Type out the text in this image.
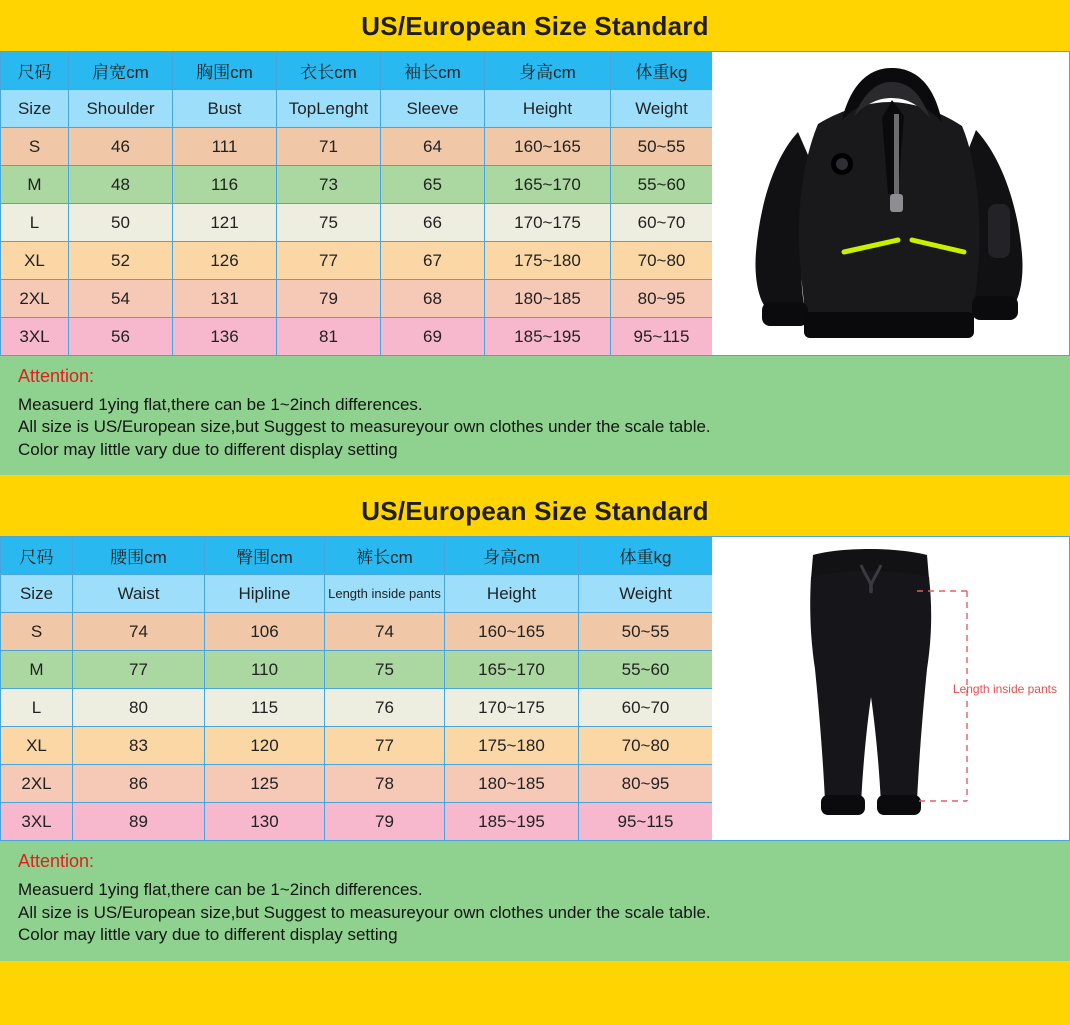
US/European Size Standard
尺码	肩宽cm	胸围cm	衣长cm	袖长cm	身高cm	体重kg
Size	Shoulder	Bust	TopLenght	Sleeve	Height	Weight
S	46	111	71	64	160~165	50~55
M	48	116	73	65	165~170	55~60
L	50	121	75	66	170~175	60~70
XL	52	126	77	67	175~180	70~80
2XL	54	131	79	68	180~185	80~95
3XL	56	136	81	69	185~195	95~115
Attention:
Measuerd 1ying flat,there can be 1~2inch differences.
All size is US/European size,but Suggest to measureyour own clothes under the scale table.
Color may little vary due to different display setting
US/European Size Standard
尺码	腰围cm	臀围cm	裤长cm	身高cm	体重kg
Size	Waist	Hipline	Length inside pants	Height	Weight
S	74	106	74	160~165	50~55
M	77	110	75	165~170	55~60
L	80	115	76	170~175	60~70
XL	83	120	77	175~180	70~80
2XL	86	125	78	180~185	80~95
3XL	89	130	79	185~195	95~115
Length inside pants
Attention:
Measuerd 1ying flat,there can be 1~2inch differences.
All size is US/European size,but Suggest to measureyour own clothes under the scale table.
Color may little vary due to different display setting
